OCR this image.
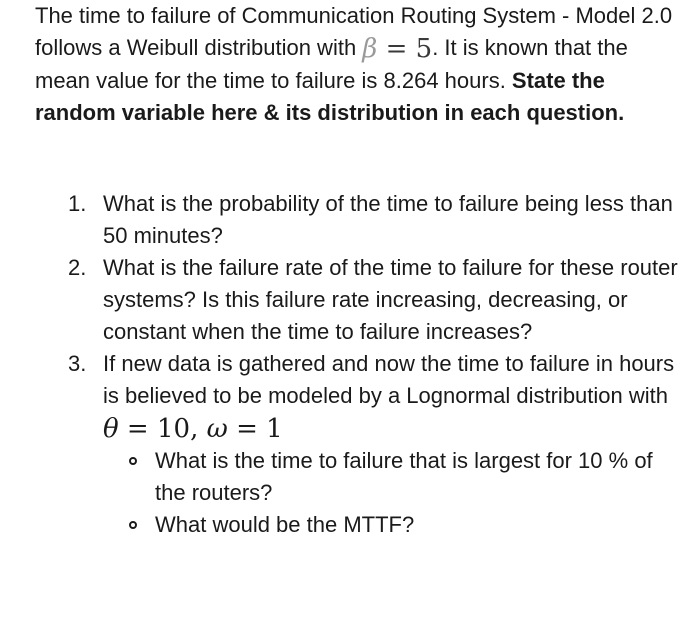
The time to failure of Communication Routing System - Model 2.0 follows a Weibull distribution with β = 5. It is known that the mean value for the time to failure is 8.264 hours. State the random variable here & its distribution in each question.

1. What is the probability of the time to failure being less than 50 minutes?
2. What is the failure rate of the time to failure for these router systems? Is this failure rate increasing, decreasing, or constant when the time to failure increases?
3. If new data is gathered and now the time to failure in hours is believed to be modeled by a Lognormal distribution with θ = 10, ω = 1
What is the time to failure that is largest for 10 % of the routers?
What would be the MTTF?
